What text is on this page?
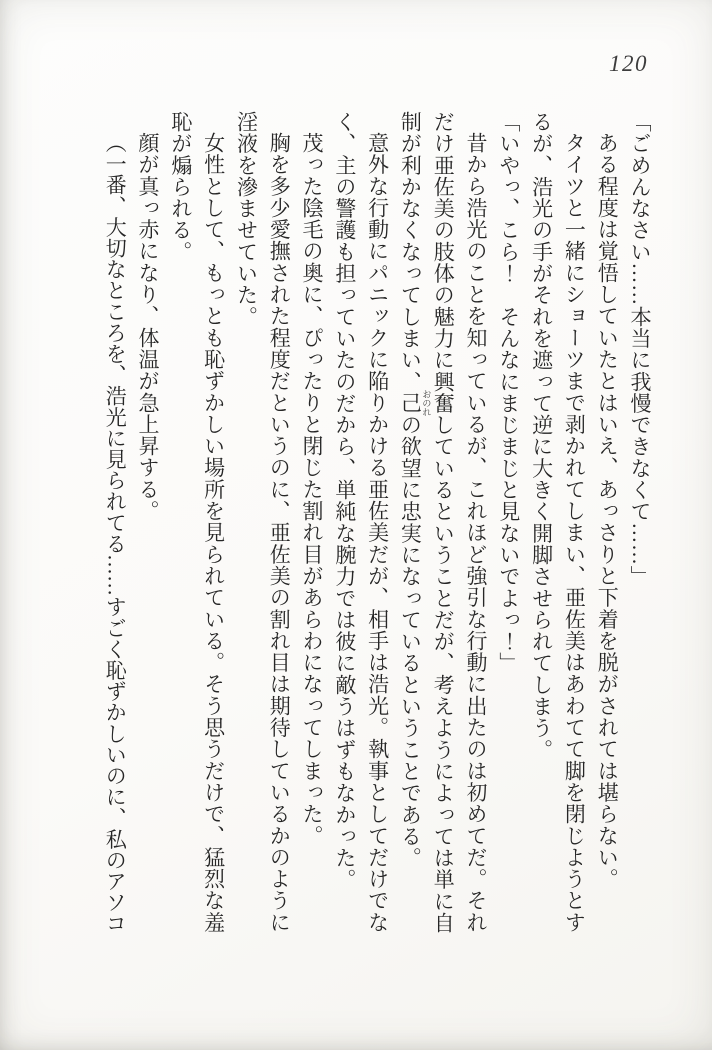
120

「ごめんなさい……本当に我慢できなくて……」

ある程度は覚悟していたとはいえ、あっさりと下着を脱がされては堪らない。

タイツと一緒にショーツまで剥かれてしまい、亜佐美はあわてて脚を閉じようとするが、浩光の手がそれを遮って逆に大きく開脚させられてしまう。

「いやっ、こら！　そんなにまじまじと見ないでよっ！」

昔から浩光のことを知っているが、これほど強引な行動に出たのは初めてだ。それだけ亜佐美の肢体の魅力に興奮しているということだが、考えようによっては単に自制が利かなくなってしまい、己 おのれの欲望に忠実になっているということである。

意外な行動にパニックに陥りかける亜佐美だが、相手は浩光。執事としてだけでなく、主の警護も担っていたのだから、単純な腕力では彼に敵うはずもなかった。

茂った陰毛の奥に、ぴったりと閉じた割れ目があらわになってしまった。

胸を多少愛撫された程度だというのに、亜佐美の割れ目は期待しているかのように淫液を滲ませていた。

女性として、もっとも恥ずかしい場所を見られている。そう思うだけで、猛烈な羞恥が煽られる。

顔が真っ赤になり、体温が急上昇する。

（一番、大切なところを、浩光に見られてる……すごく恥ずかしいのに、私のアソコ
